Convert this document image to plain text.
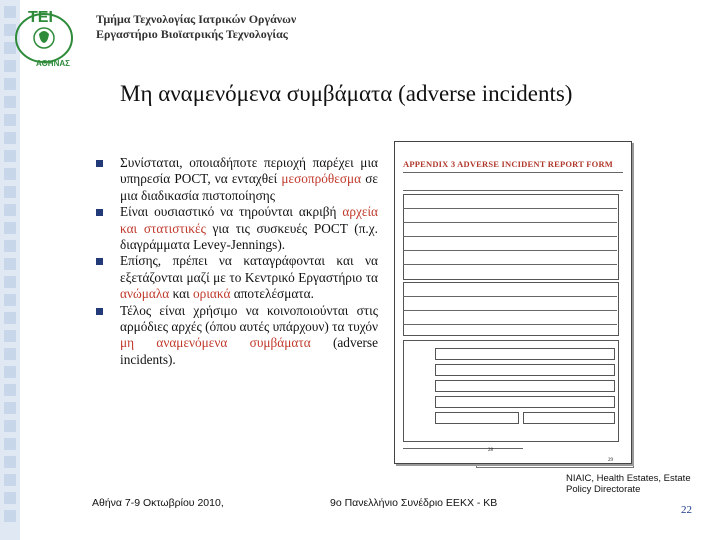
ΤΕΙ
ΑΘΗΝΑΣ
Τμήμα Τεχνολογίας Ιατρικών Οργάνων
Εργαστήριο Βιοϊατρικής Τεχνολογίας
Μη αναμενόμενα συμβάματα (adverse incidents)
Συνίσταται, οποιαδήποτε περιοχή παρέχει μια υπηρεσία POCT, να ενταχθεί μεσοπρόθεσμα σε μια διαδικασία πιστοποίησης
Είναι ουσιαστικό να τηρούνται ακριβή αρχεία και στατιστικές για τις συσκευές POCT (π.χ. διαγράμματα Levey-Jennings).
Επίσης, πρέπει να καταγράφονται και να εξετάζονται μαζί με το Κεντρικό Εργαστήριο τα ανώμαλα και οριακά αποτελέσματα.
Τέλος είναι χρήσιμο να κοινοποιούνται στις αρμόδιες αρχές (όπου αυτές υπάρχουν) τα τυχόν μη αναμενόμενα συμβάματα (adverse incidents).
APPENDIX 3 ADVERSE INCIDENT REPORT FORM
28
29
NIAIC, Health Estates, Estate Policy Directorate
Αθήνα 7-9 Οκτωβρίου 2010,	9ο Πανελλήνιο Συνέδριο ΕΕΚΧ - ΚΒ
22
